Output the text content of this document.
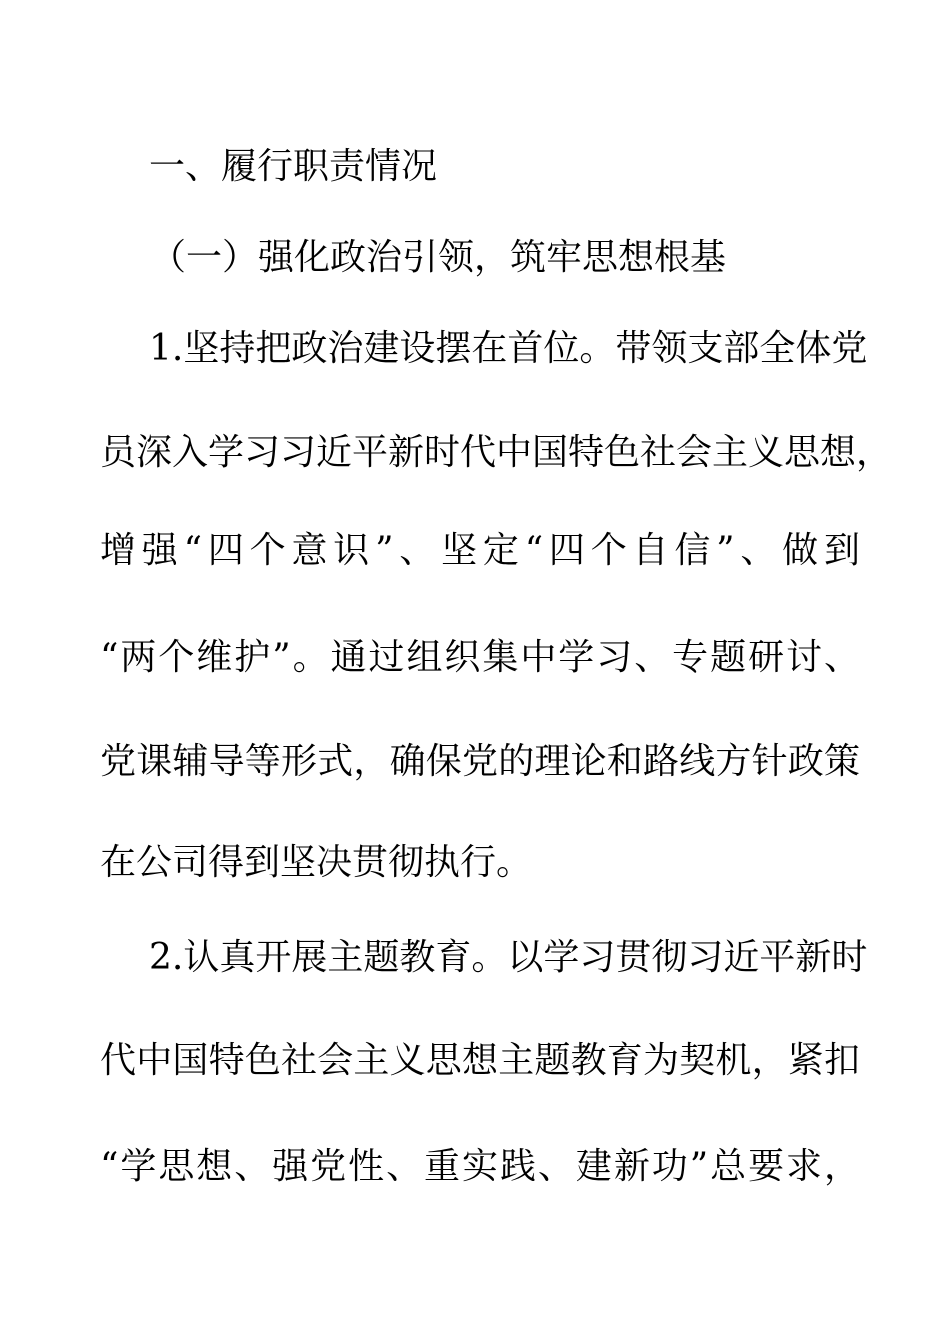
一、履行职责情况
（一）强化政治引领，筑牢思想根基
1.坚持把政治建设摆在首位。带领支部全体党
员深入学习习近平新时代中国特色社会主义思想，
增强“四个意识”、坚定“四个自信”、做到
“两个维护”。通过组织集中学习、专题研讨、
党课辅导等形式，确保党的理论和路线方针政策
在公司得到坚决贯彻执行。
2.认真开展主题教育。以学习贯彻习近平新时
代中国特色社会主义思想主题教育为契机，紧扣
“学思想、强党性、重实践、建新功”总要求，
